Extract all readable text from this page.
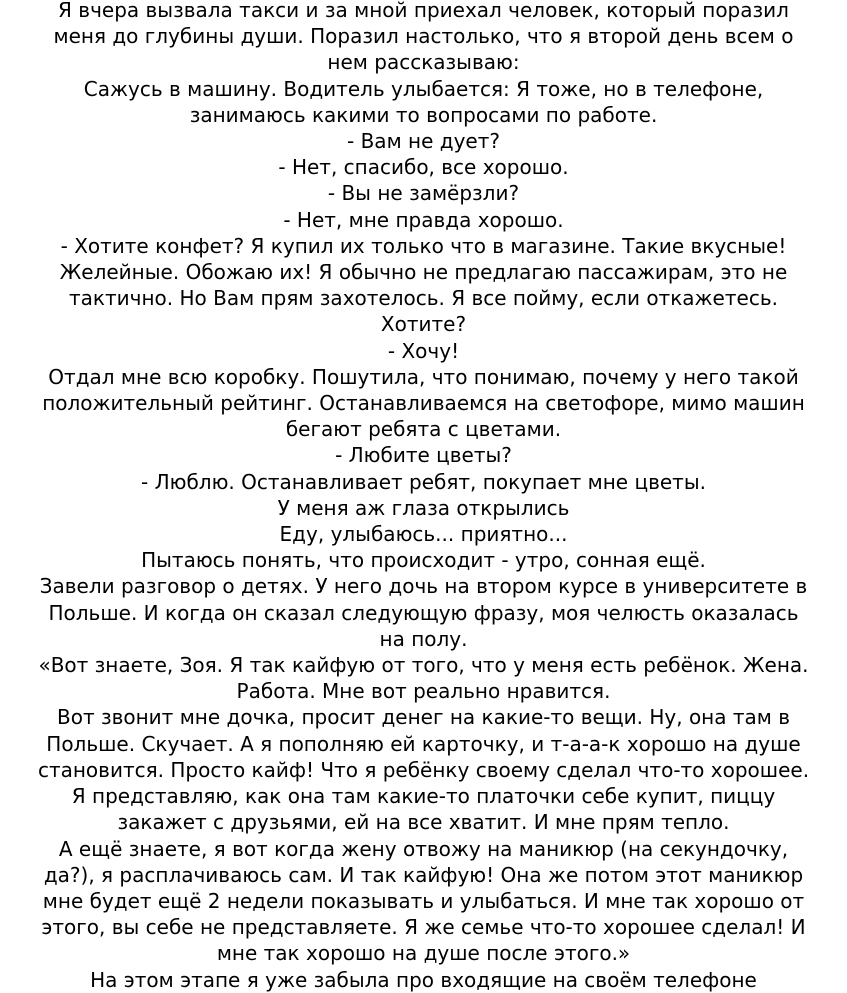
Я вчера вызвала такси и за мной приехал человек, который поразил
меня до глубины души. Поразил настолько, что я второй день всем о
нем рассказываю:
Сажусь в машину. Водитель улыбается: Я тоже, но в телефоне,
занимаюсь какими то вопросами по работе.
- Вам не дует?
- Нет, спасибо, все хорошо.
- Вы не замёрзли?
- Нет, мне правда хорошо.
- Хотите конфет? Я купил их только что в магазине. Такие вкусные!
Желейные. Обожаю их! Я обычно не предлагаю пассажирам, это не
тактично. Но Вам прям захотелось. Я все пойму, если откажетесь.
Хотите?
- Хочу!
Отдал мне всю коробку. Пошутила, что понимаю, почему у него такой
положительный рейтинг. Останавливаемся на светофоре, мимо машин
бегают ребята с цветами.
- Любите цветы?
- Люблю. Останавливает ребят, покупает мне цветы.
У меня аж глаза открылись
Еду, улыбаюсь... приятно...
Пытаюсь понять, что происходит - утро, сонная ещё.
Завели разговор о детях. У него дочь на втором курсе в университете в
Польше. И когда он сказал следующую фразу, моя челюсть оказалась
на полу.
«Вот знаете, Зоя. Я так кайфую от того, что у меня есть ребёнок. Жена.
Работа. Мне вот реально нравится.
Вот звонит мне дочка, просит денег на какие-то вещи. Ну, она там в
Польше. Скучает. А я пополняю ей карточку, и т-а-а-к хорошо на душе
становится. Просто кайф! Что я ребёнку своему сделал что-то хорошее.
Я представляю, как она там какие-то платочки себе купит, пиццу
закажет с друзьями, ей на все хватит. И мне прям тепло.
А ещё знаете, я вот когда жену отвожу на маникюр (на секундочку,
да?), я расплачиваюсь сам. И так кайфую! Она же потом этот маникюр
мне будет ещё 2 недели показывать и улыбаться. И мне так хорошо от
этого, вы себе не представляете. Я же семье что-то хорошее сделал! И
мне так хорошо на душе после этого.»
На этом этапе я уже забыла про входящие на своём телефоне
